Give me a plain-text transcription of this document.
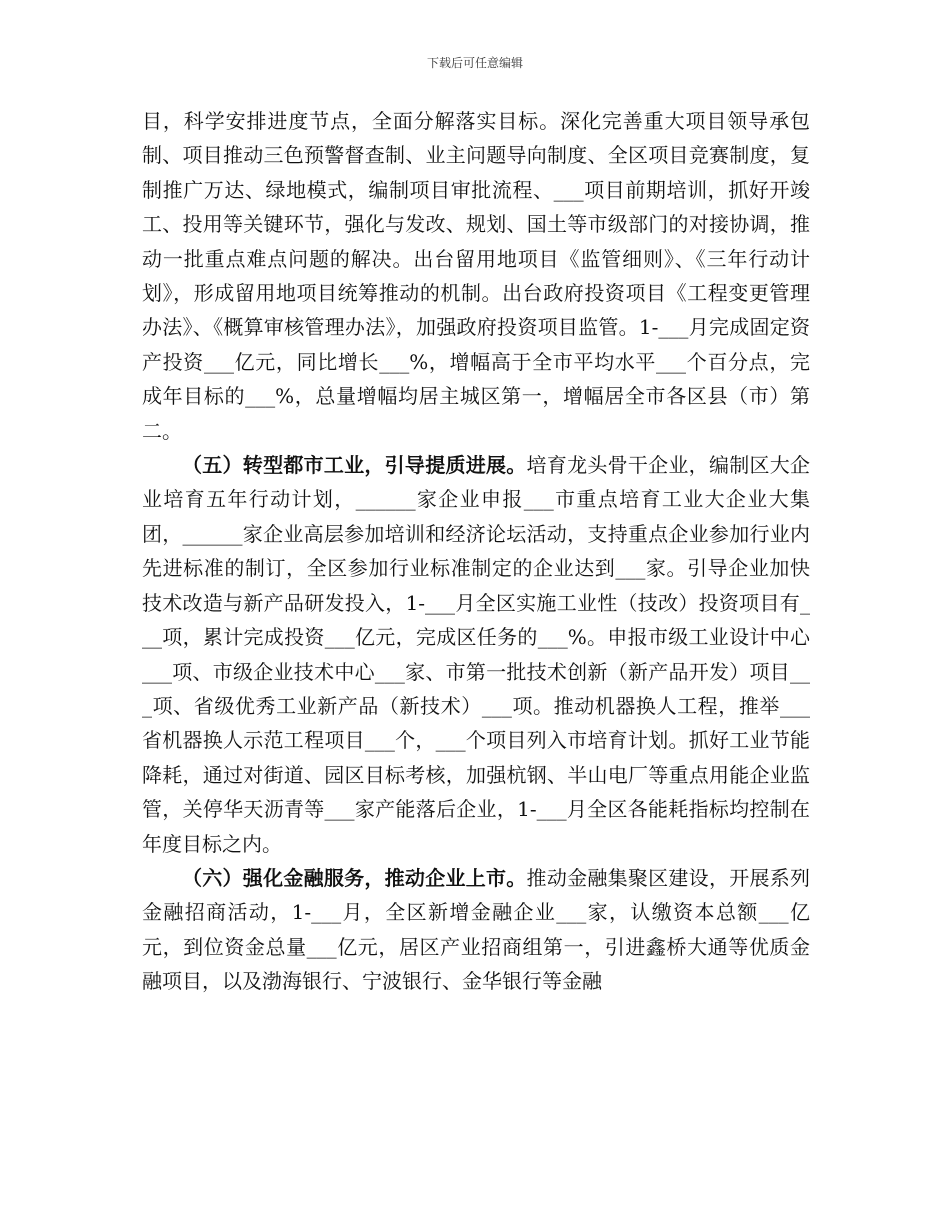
下载后可任意编辑

目，科学安排进度节点，全面分解落实目标。深化完善重大项目领导承包制、项目推动三色预警督查制、业主问题导向制度、全区项目竞赛制度，复制推广万达、绿地模式，编制项目审批流程、___项目前期培训，抓好开竣工、投用等关键环节，强化与发改、规划、国土等市级部门的对接协调，推动一批重点难点问题的解决。出台留用地项目《监管细则》、《三年行动计划》，形成留用地项目统筹推动的机制。出台政府投资项目《工程变更管理办法》、《概算审核管理办法》，加强政府投资项目监管。1-___月完成固定资产投资___亿元，同比增长___%，增幅高于全市平均水平___个百分点，完成年目标的___%，总量增幅均居主城区第一，增幅居全市各区县（市）第二。

（五）转型都市工业，引导提质进展。培育龙头骨干企业，编制区大企业培育五年行动计划，______家企业申报___市重点培育工业大企业大集团，______家企业高层参加培训和经济论坛活动，支持重点企业参加行业内先进标准的制订，全区参加行业标准制定的企业达到___家。引导企业加快技术改造与新产品研发投入，1-___月全区实施工业性（技改）投资项目有___项，累计完成投资___亿元，完成区任务的___%。申报市级工业设计中心___项、市级企业技术中心___家、市第一批技术创新（新产品开发）项目___项、省级优秀工业新产品（新技术）___项。推动机器换人工程，推举___省机器换人示范工程项目___个，___个项目列入市培育计划。抓好工业节能降耗，通过对街道、园区目标考核，加强杭钢、半山电厂等重点用能企业监管，关停华天沥青等___家产能落后企业，1-___月全区各能耗指标均控制在年度目标之内。

（六）强化金融服务，推动企业上市。推动金融集聚区建设，开展系列金融招商活动，1-___月，全区新增金融企业___家，认缴资本总额___亿元，到位资金总量___亿元，居区产业招商组第一，引进鑫桥大通等优质金融项目，以及渤海银行、宁波银行、金华银行等金融
